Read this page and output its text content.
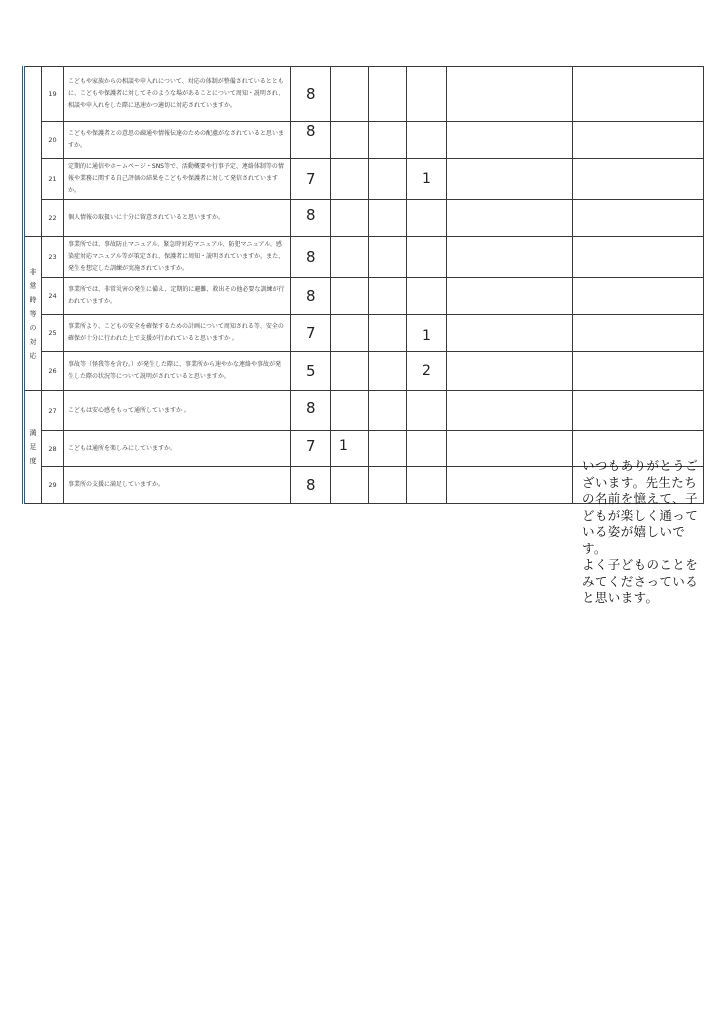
	19	こどもや家族からの相談や申入れについて、対応の体制が整備されているとともに、こどもや保護者に対してそのような場があることについて周知・説明され、相談や申入れをした際に迅速かつ適切に対応されていますか。	8					
	20	こどもや保護者との意思の疎通や情報伝達のための配慮がなされていると思いますか。	8					
	21	定期的に通信やホームページ・SNS等で、活動概要や行事予定、連絡体制等の情報や業務に関する自己評価の結果をこどもや保護者に対して発信されていますか。	7			1		
	22	個人情報の取扱いに十分に留意されていると思いますか。	8					
非常時等の対応	23	事業所では、事故防止マニュアル、緊急時対応マニュアル、防犯マニュアル、感染症対応マニュアル等が策定され、保護者に周知・説明されていますか。また、発生を想定した訓練が実施されていますか。	8					
	24	事業所では、非常災害の発生に備え、定期的に避難、救出その他必要な訓練が行われていますか。	8					
	25	事業所より、こどもの安全を確保するための計画について周知される等、安全の確保が十分に行われた上で支援が行われていると思いますか 。	7			1		
	26	事故等（怪我等を含む。）が発生した際に、事業所から速やかな連絡や事故が発生した際の状況等について説明がされていると思いますか。	5			2		
満足度	27	こどもは安心感をもって通所していますか 。	8					
	28	こどもは通所を楽しみにしていますか。	7	1				
	29	事業所の支援に満足していますか。	8					
いつもありがとうございます。先生たちの名前を憶えて、子どもが楽しく通っている姿が嬉しいです。
よく子どものことをみてくださっていると思います。
